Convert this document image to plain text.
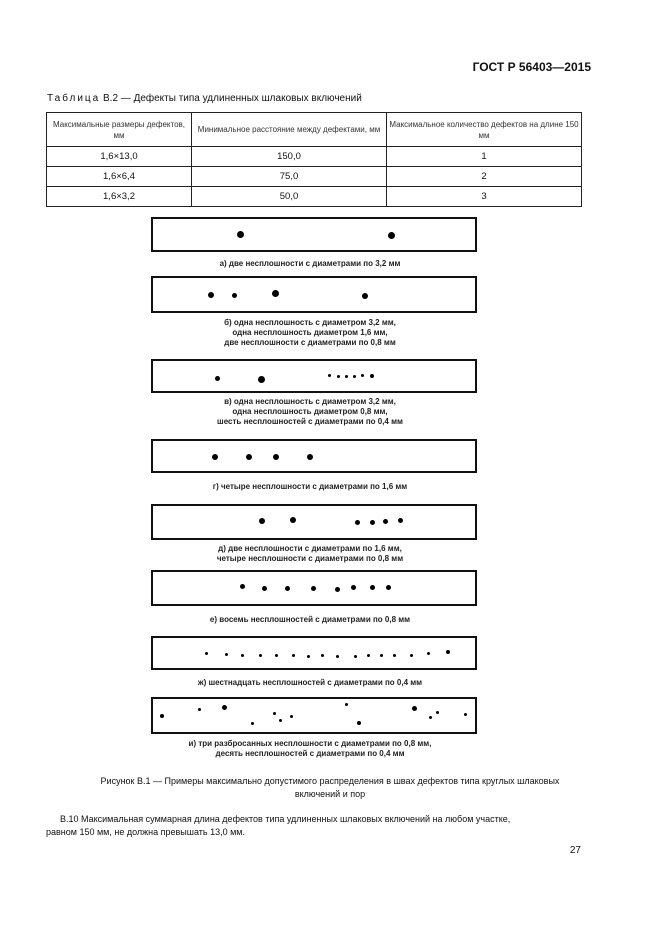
ГОСТ Р 56403—2015
Таблица В.2 — Дефекты типа удлиненных шлаковых включений
Максимальные размеры дефектов, мм	Минимальное расстояние между дефектами, мм	Максимальное количество дефектов на длине 150 мм
1,6×13,0	150,0	1
1,6×6,4	75,0	2
1,6×3,2	50,0	3
а) две несплошности с диаметрами по 3,2 мм
б) одна несплошность с диаметром 3,2 мм,
одна несплошность диаметром 1,6 мм,
две несплошности с диаметрами по 0,8 мм
в) одна несплошность с диаметром 3,2 мм,
одна несплошность диаметром 0,8 мм,
шесть несплошностей с диаметрами по 0,4 мм
г) четыре несплошности с диаметрами по 1,6 мм
д) две несплошности с диаметрами по 1,6 мм,
четыре несплошности с диаметрами по 0,8 мм
е) восемь несплошностей с диаметрами по 0,8 мм
ж) шестнадцать несплошностей с диаметрами по 0,4 мм
и) три разбросанных несплошности с диаметрами по 0,8 мм,
десять несплошностей с диаметрами по 0,4 мм
Рисунок В.1 — Примеры максимально допустимого распределения в швах дефектов типа круглых шлаковых
включений и пор
В.10 Максимальная суммарная длина дефектов типа удлиненных шлаковых включений на любом участке,
равном 150 мм, не должна превышать 13,0 мм.
27
